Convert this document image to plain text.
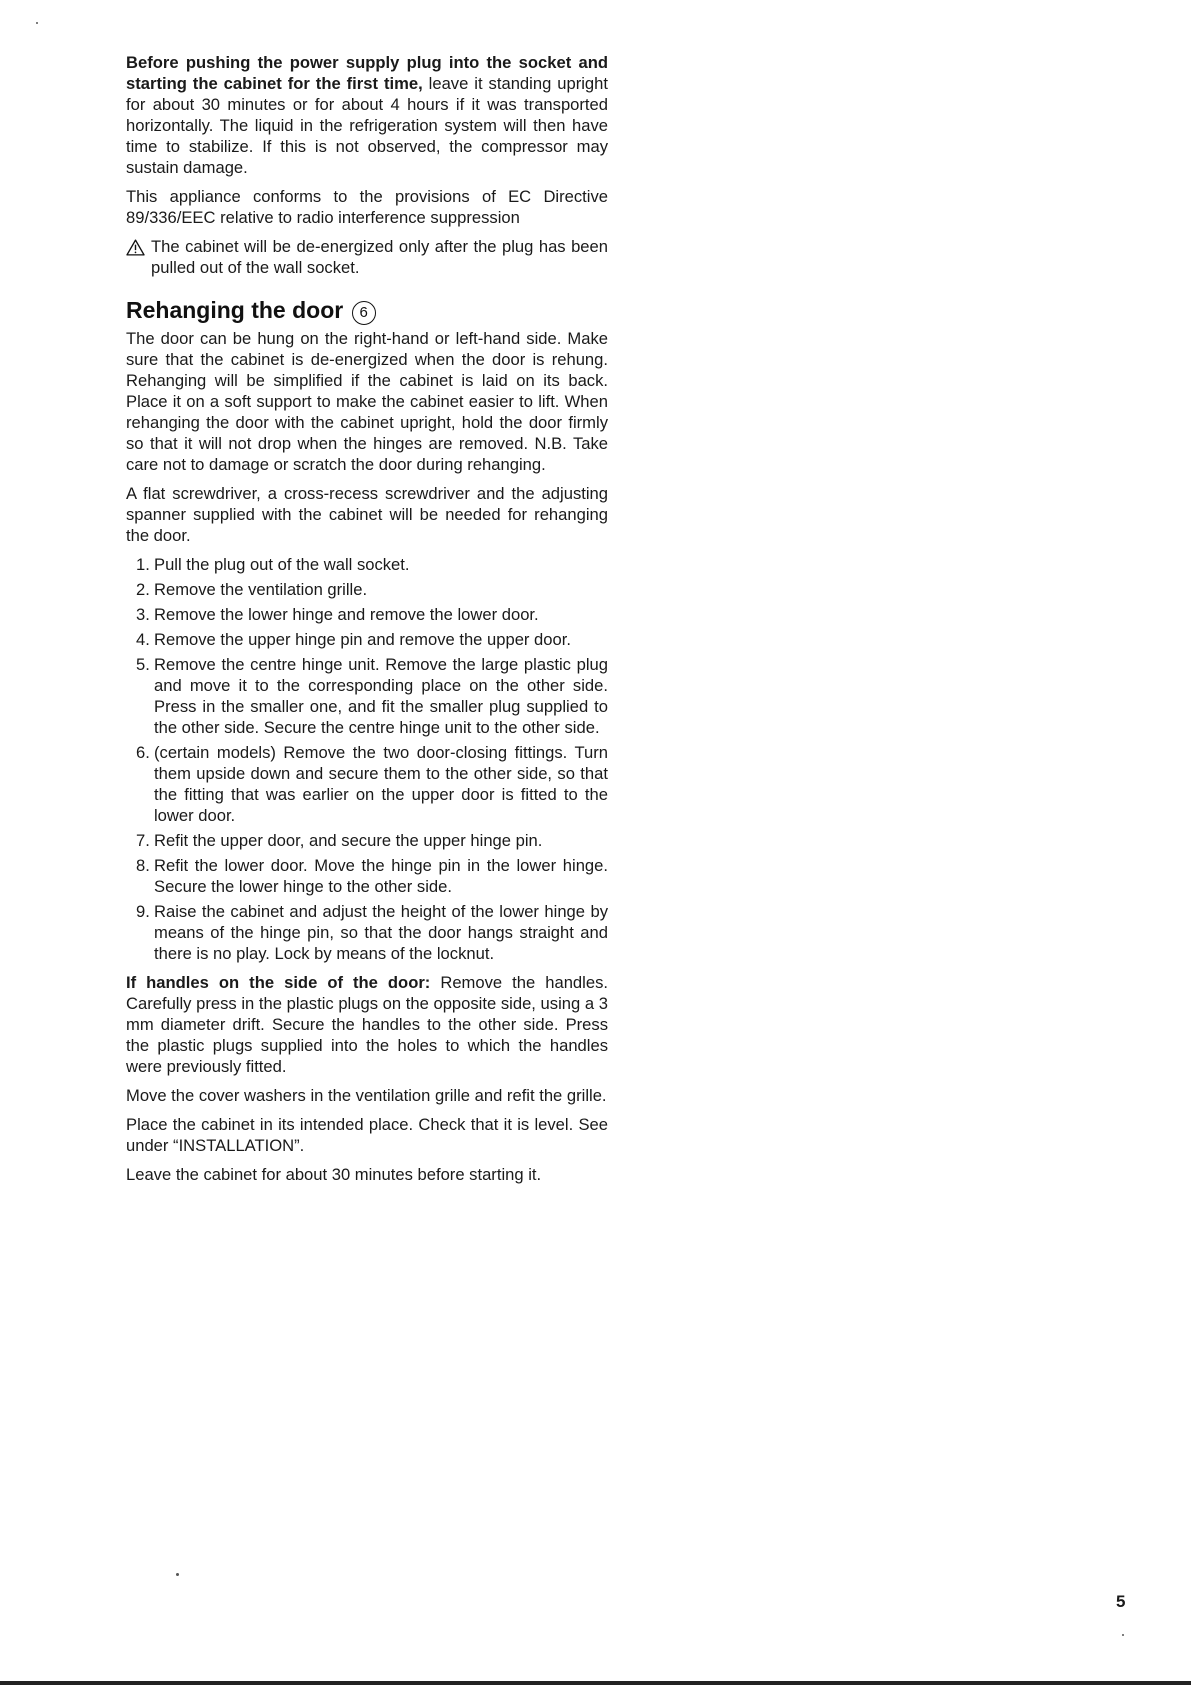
Before pushing the power supply plug into the socket and starting the cabinet for the first time, leave it standing upright for about 30 minutes or for about 4 hours if it was transported horizontally. The liquid in the refrigeration system will then have time to stabilize. If this is not observed, the compressor may sustain damage.

This appliance conforms to the provisions of EC Directive 89/336/EEC relative to radio interference suppression

The cabinet will be de-energized only after the plug has been pulled out of the wall socket.
Rehanging the door 6

The door can be hung on the right-hand or left-hand side. Make sure that the cabinet is de-energized when the door is rehung. Rehanging will be simplified if the cabinet is laid on its back. Place it on a soft support to make the cabinet easier to lift. When rehanging the door with the cabinet upright, hold the door firmly so that it will not drop when the hinges are removed. N.B. Take care not to damage or scratch the door during rehanging.

A flat screwdriver, a cross-recess screwdriver and the adjusting spanner supplied with the cabinet will be needed for rehanging the door.

1. Pull the plug out of the wall socket.
2. Remove the ventilation grille.
3. Remove the lower hinge and remove the lower door.
4. Remove the upper hinge pin and remove the upper door.
5. Remove the centre hinge unit. Remove the large plastic plug and move it to the corresponding place on the other side. Press in the smaller one, and fit the smaller plug supplied to the other side. Secure the centre hinge unit to the other side.
6. (certain models) Remove the two door-closing fittings. Turn them upside down and secure them to the other side, so that the fitting that was earlier on the upper door is fitted to the lower door.
7. Refit the upper door, and secure the upper hinge pin.
8. Refit the lower door. Move the hinge pin in the lower hinge. Secure the lower hinge to the other side.
9. Raise the cabinet and adjust the height of the lower hinge by means of the hinge pin, so that the door hangs straight and there is no play. Lock by means of the locknut.

If handles on the side of the door: Remove the handles. Carefully press in the plastic plugs on the opposite side, using a 3 mm diameter drift. Secure the handles to the other side. Press the plastic plugs supplied into the holes to which the handles were previously fitted.

Move the cover washers in the ventilation grille and refit the grille.

Place the cabinet in its intended place. Check that it is level. See under “INSTALLATION”.

Leave the cabinet for about 30 minutes before starting it.

5
